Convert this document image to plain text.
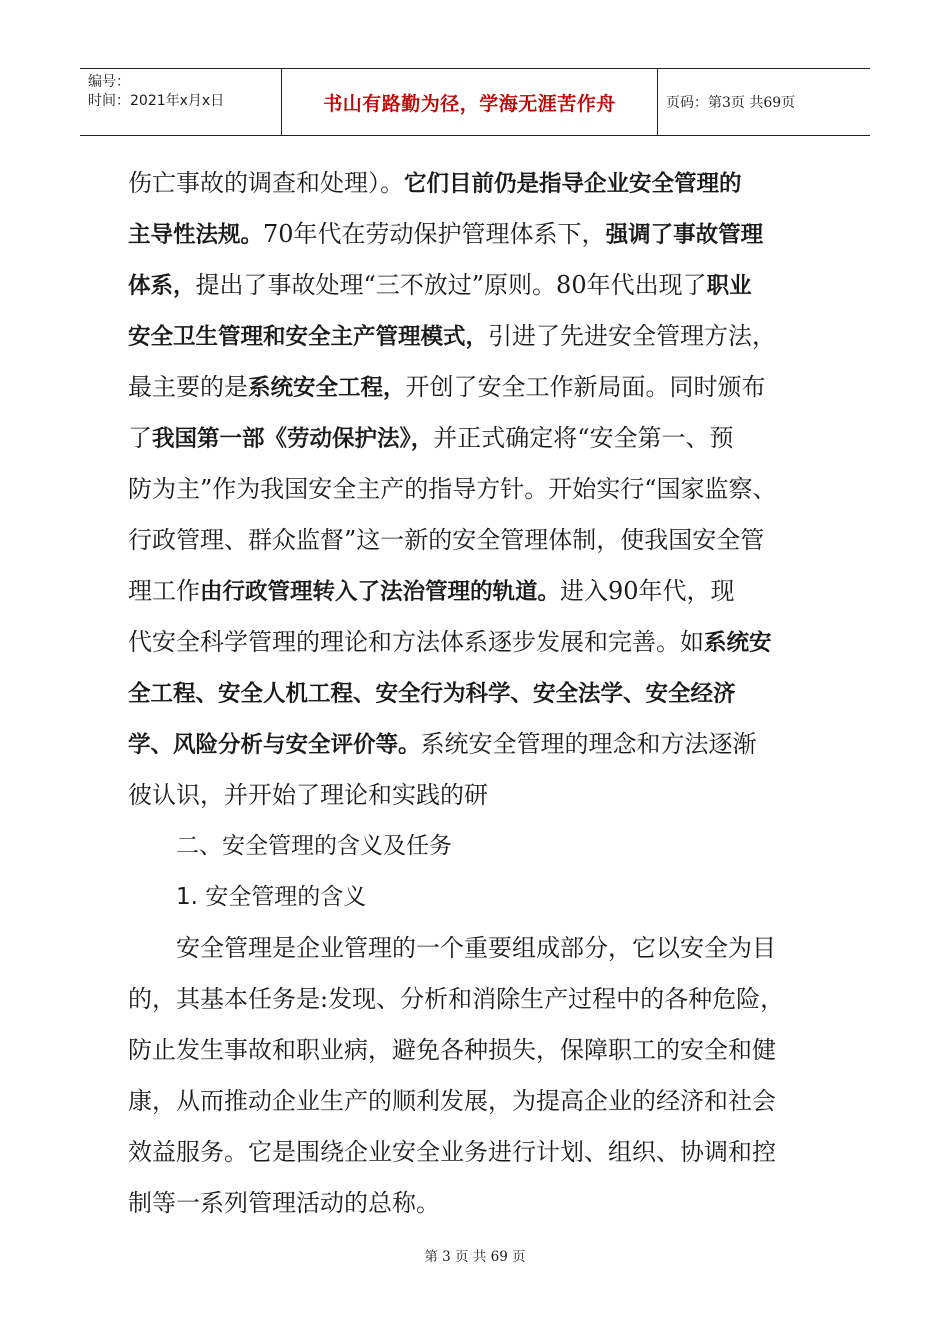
编号：
时间：2021年x月x日	书山有路勤为径，学海无涯苦作舟	页码：第3页 共69页
伤亡事故的调查和处理）。它们目前仍是指导企业安全管理的
主导性法规。70年代在劳动保护管理体系下，强调了事故管理
体系，提出了事故处理“三不放过”原则。80年代出现了职业
安全卫生管理和安全主产管理模式，引进了先进安全管理方法，
最主要的是系统安全工程，开创了安全工作新局面。同时颁布
了我国第一部《劳动保护法》，并正式确定将“安全第一、预
防为主”作为我国安全主产的指导方针。开始实行“国家监察、
行政管理、群众监督”这一新的安全管理体制，使我国安全管
理工作由行政管理转入了法治管理的轨道。进入90年代，现
代安全科学管理的理论和方法体系逐步发展和完善。如系统安
全工程、安全人机工程、安全行为科学、安全法学、安全经济
学、风险分析与安全评价等。系统安全管理的理念和方法逐渐
彼认识，并开始了理论和实践的研
二、安全管理的含义及任务
1. 安全管理的含义
安全管理是企业管理的一个重要组成部分，它以安全为目
的，其基本任务是:发现、分析和消除生产过程中的各种危险，
防止发生事故和职业病，避免各种损失，保障职工的安全和健
康，从而推动企业生产的顺利发展，为提高企业的经济和社会
效益服务。它是围绕企业安全业务进行计划、组织、协调和控
制等一系列管理活动的总称。
第 3 页 共 69 页
